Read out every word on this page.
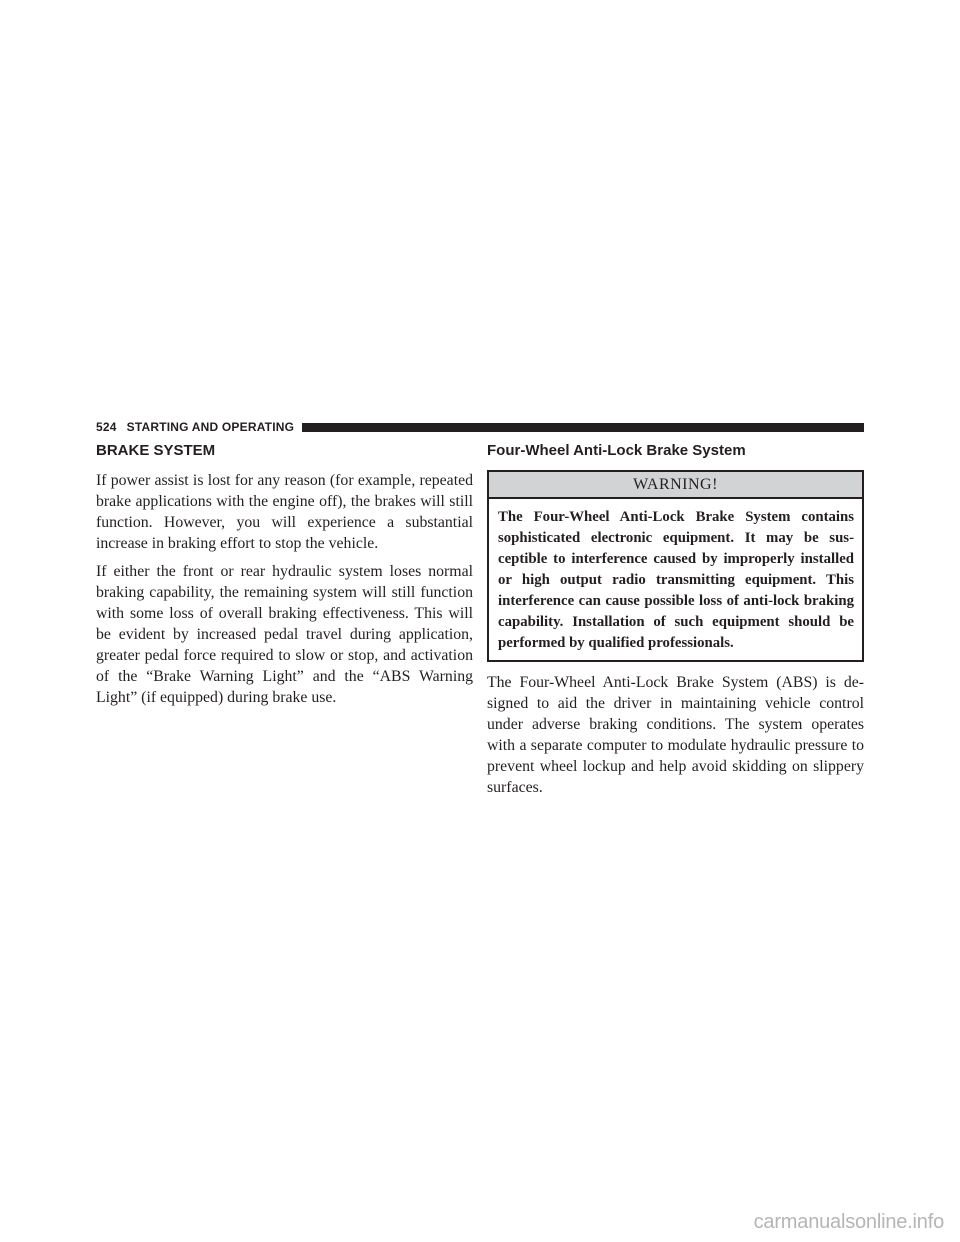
524 STARTING AND OPERATING
BRAKE SYSTEM

If power assist is lost for any reason (for example, repeated brake applications with the engine off), the brakes will still function. However, you will experience a substantial increase in braking effort to stop the vehicle.

If either the front or rear hydraulic system loses normal braking capability, the remaining system will still function with some loss of overall braking effectiveness. This will be evident by increased pedal travel during application, greater pedal force required to slow or stop, and activation of the “Brake Warning Light” and the “ABS Warning Light” (if equipped) during brake use.

Four-Wheel Anti-Lock Brake System
WARNING!

The Four-Wheel Anti-Lock Brake System contains sophisticated electronic equipment. It may be susceptible to interference caused by improperly installed or high output radio transmitting equipment. This interference can cause possible loss of anti-lock braking capability. Installation of such equipment should be performed by qualified professionals.

The Four-Wheel Anti-Lock Brake System (ABS) is designed to aid the driver in maintaining vehicle control under adverse braking conditions. The system operates with a separate computer to modulate hydraulic pressure to prevent wheel lockup and help avoid skidding on slippery surfaces.

carmanualsonline.info
